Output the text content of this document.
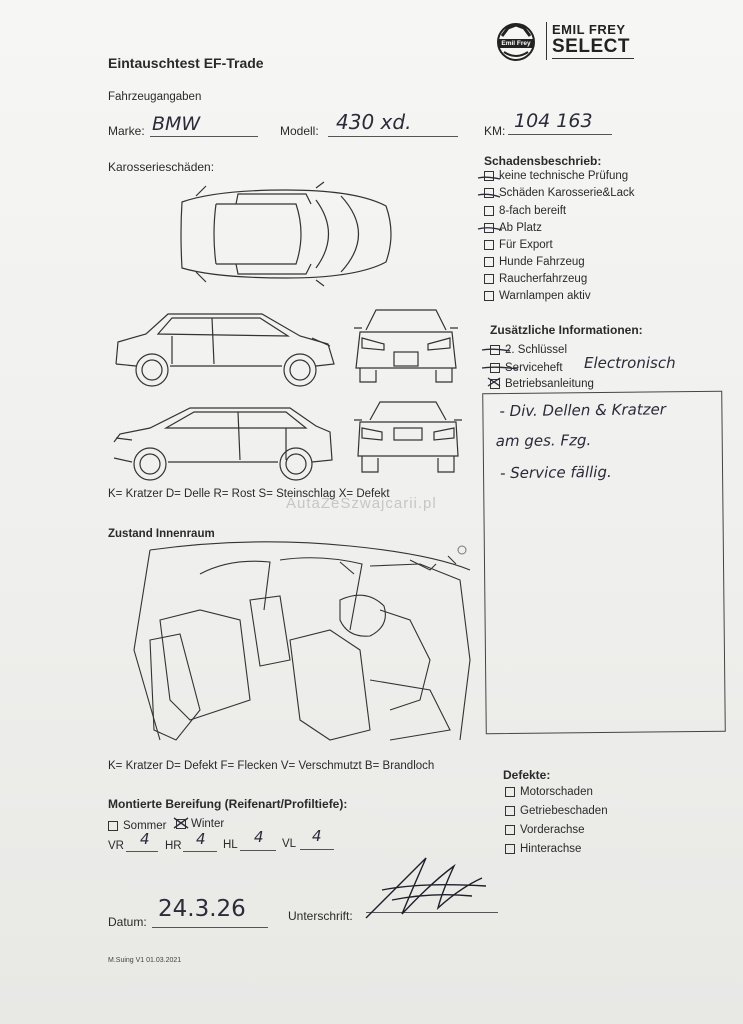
Eintauschtest EF-Trade
Emil Frey
EMIL FREY
SELECT
Fahrzeugangaben
Marke: BMW	Modell: 430 xd.	KM: 104 163
Karosserieschäden:
K= Kratzer D= Delle R= Rost S= Steinschlag X= Defekt
AutaZeSzwajcarii.pl
Schadensbeschrieb:
keine technische Prüfung
Schäden Karosserie&Lack
8-fach bereift
Ab Platz
Für Export
Hunde Fahrzeug
Raucherfahrzeug
Warnlampen aktiv
Zusätzliche Informationen:
2. Schlüssel
Serviceheft Electronisch
Betriebsanleitung
- Div. Dellen & Kratzer
am ges. Fzg.
- Service fällig.
Zustand Innenraum
K= Kratzer D= Defekt F= Flecken V= Verschmutzt B= Brandloch
Defekte:
Motorschaden
Getriebeschaden
Vorderachse
Hinterachse
Montierte Bereifung (Reifenart/Profiltiefe):
Sommer	Winter
VR 4 HR 4 HL 4 VL 4
Datum: 24.3.26	Unterschrift:
M.Suing V1 01.03.2021
